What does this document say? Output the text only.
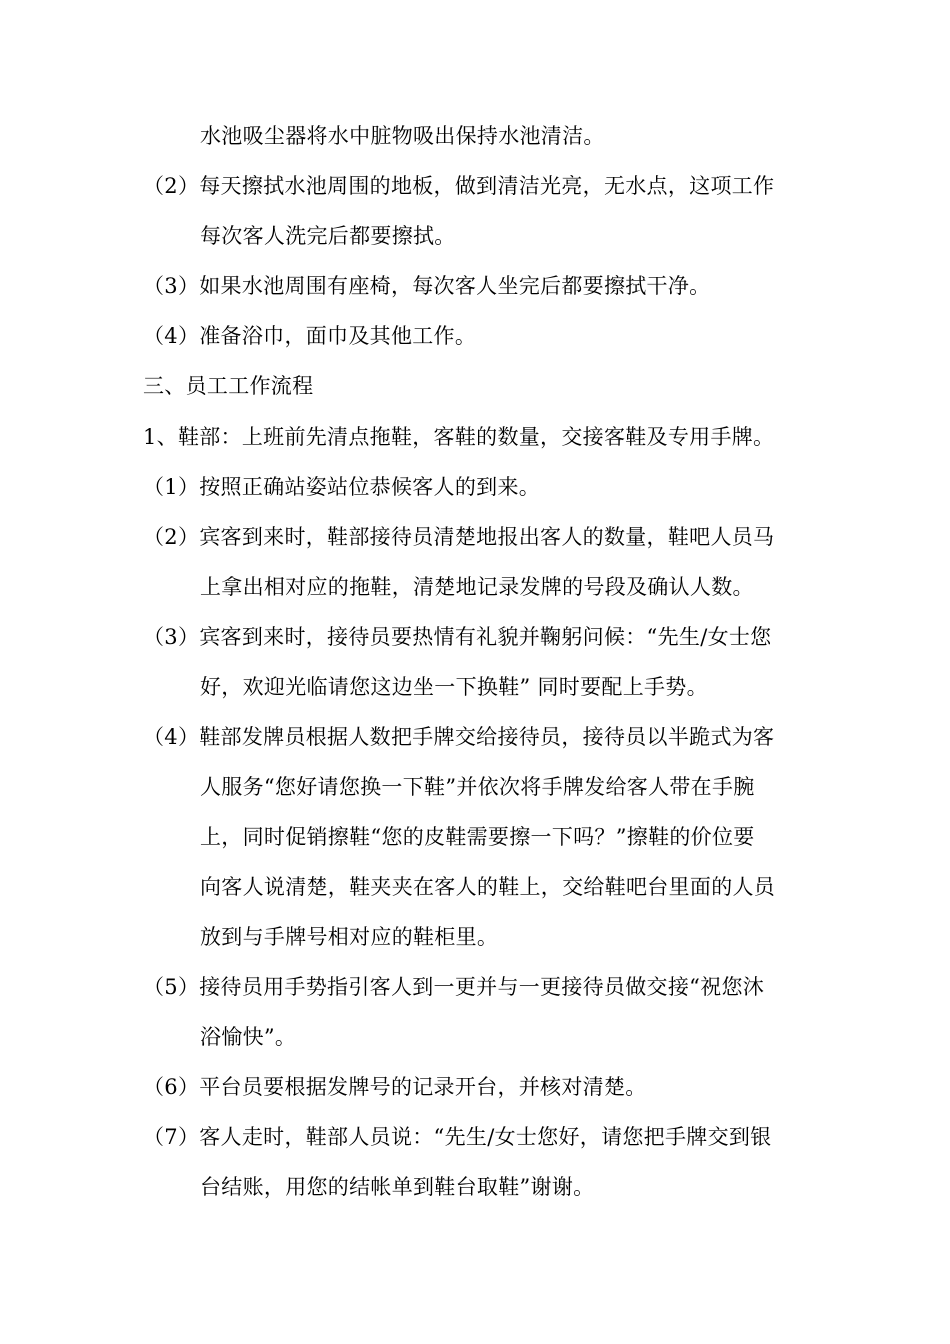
水池吸尘器将水中脏物吸出保持水池清洁。
（2）每天擦拭水池周围的地板，做到清洁光亮，无水点，这项工作
每次客人洗完后都要擦拭。
（3）如果水池周围有座椅，每次客人坐完后都要擦拭干净。
（4）准备浴巾，面巾及其他工作。
三、员工工作流程
1、鞋部：上班前先清点拖鞋，客鞋的数量，交接客鞋及专用手牌。
（1）按照正确站姿站位恭候客人的到来。
（2）宾客到来时，鞋部接待员清楚地报出客人的数量，鞋吧人员马
上拿出相对应的拖鞋，清楚地记录发牌的号段及确认人数。
（3）宾客到来时，接待员要热情有礼貌并鞠躬问候：“先生/女士您
好，欢迎光临请您这边坐一下换鞋” 同时要配上手势。
（4）鞋部发牌员根据人数把手牌交给接待员，接待员以半跪式为客
人服务“您好请您换一下鞋”并依次将手牌发给客人带在手腕
上，同时促销擦鞋“您的皮鞋需要擦一下吗？”擦鞋的价位要
向客人说清楚，鞋夹夹在客人的鞋上，交给鞋吧台里面的人员
放到与手牌号相对应的鞋柜里。
（5）接待员用手势指引客人到一更并与一更接待员做交接“祝您沐
浴愉快”。
（6）平台员要根据发牌号的记录开台，并核对清楚。
（7）客人走时，鞋部人员说：“先生/女士您好，请您把手牌交到银
台结账，用您的结帐单到鞋台取鞋”谢谢。
